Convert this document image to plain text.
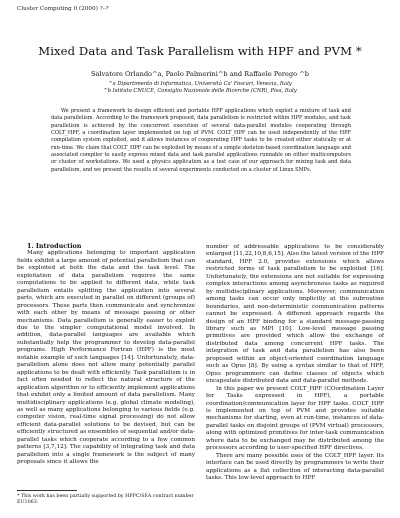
Cluster Computing 0 (2000) ?–?
Mixed Data and Task Parallelism with HPF and PVM *
Salvatore Orlando^a, Paolo Palmerini^b and Raffaele Perego ^b
^a Dipartimento di Informatica, Università Ca' Foscari, Venezia, Italy
^b Istituto CNUCE, Consiglio Nazionale delle Ricerche (CNR), Pisa, Italy

We present a framework to design efficient and portable HPF applications which exploit a mixture of task and data parallelism. According to the framework proposed, data parallelism is restricted within HPF modules, and task parallelism is achieved by the concurrent execution of several data-parallel modules cooperating through COLT_HPF, a coordination layer implemented on top of PVM. COLT_HPF can be used independently of the HPF compilation system exploited, and it allows instances of cooperating HPF tasks to be created either statically or at run-time. We claim that COLT_HPF can be exploited by means of a simple skeleton-based coordination language and associated compiler to easily express mixed data and task parallel applications runnable on either multicomputers or cluster of workstations. We used a physics application as a test case of our approach for mixing task and data parallelism, and we present the results of several experiments conducted on a cluster of Linux SMPs.

1. Introduction

Many applications belonging to important application fields exhibit a large amount of potential parallelism that can be exploited at both the data and the task level. The exploitation of data parallelism requires the same computations to be applied to different data, while task parallelism entails splitting the application into several parts, which are executed in parallel on different (groups of) processors. These parts then communicate and synchronize with each other by means of message passing or other mechanisms. Data parallelism is generally easier to exploit due to the simpler computational model involved. In addition, data-parallel languages are available which substantially help the programmer to develop data-parallel programs. High Performance Fortran (HPF) is the most notable example of such languages [14]. Unfortunately, data-parallelism alone does not allow many potentially parallel applications to be dealt with efficiently. Task parallelism is in fact often needed to reflect the natural structure of the application algorithm or to efficiently implement applications that exhibit only a limited amount of data parallelism. Many multidisciplinary applications (e.g. global climate modeling), as well as many applications belonging to various fields (e.g. computer vision, real-time signal processing) do not allow efficient data-parallel solutions to be devised, but can be efficiently structured as ensembles of sequential and/or data-parallel tasks which cooperate according to a few common patterns [3,7,12]. The capability of integrating task and data parallelism into a single framework is the subject of many proposals since it allows the

number of addressable applications to be considerably enlarged [11,22,10,8,6,15]. Also the latest version of the HPF standard, HPF 2.0, provides extensions which allows restricted forms of task parallelism to be exploited [16]. Unfortunately, the extensions are not suitable for expressing complex interactions among asynchronous tasks as required by multidisciplinary applications. Moreover, communication among tasks can occur only implicitly at the subroutine boundaries, and non-deterministic communication patterns cannot be expressed. A different approach regards the design of an HPF binding for a standard message-passing library such as MPI [10]. Low-level message passing primitives are provided which allow the exchange of distributed data among concurrent HPF tasks. The integration of task and data parallelism has also been proposed within an object-oriented coordination language such as Opus [8]. By using a syntax similar to that of HPF, Opus programmers can define classes of objects which encapsulate distributed data and data-parallel methods.

In this paper we present COLT_HPF (COordination Layer for Tasks expressed in HPF), a portable coordination/communication layer for HPF tasks. COLT_HPF is implemented on top of PVM and provides suitable mechanisms for starting, even at run-time, instances of data-parallel tasks on disjoint groups of (PVM virtual) processors, along with optimized primitives for inter-task communication where data to be exchanged may be distributed among the processors according to user-specified HPF directives.

There are many possible uses of the COLT_HPF layer. Its interface can be used directly by programmers to write their applications as a flat collection of interacting data-parallel tasks. This low-level approach to HPF

* This work has been partially supported by HPPC/SEA contract number EU1063.
